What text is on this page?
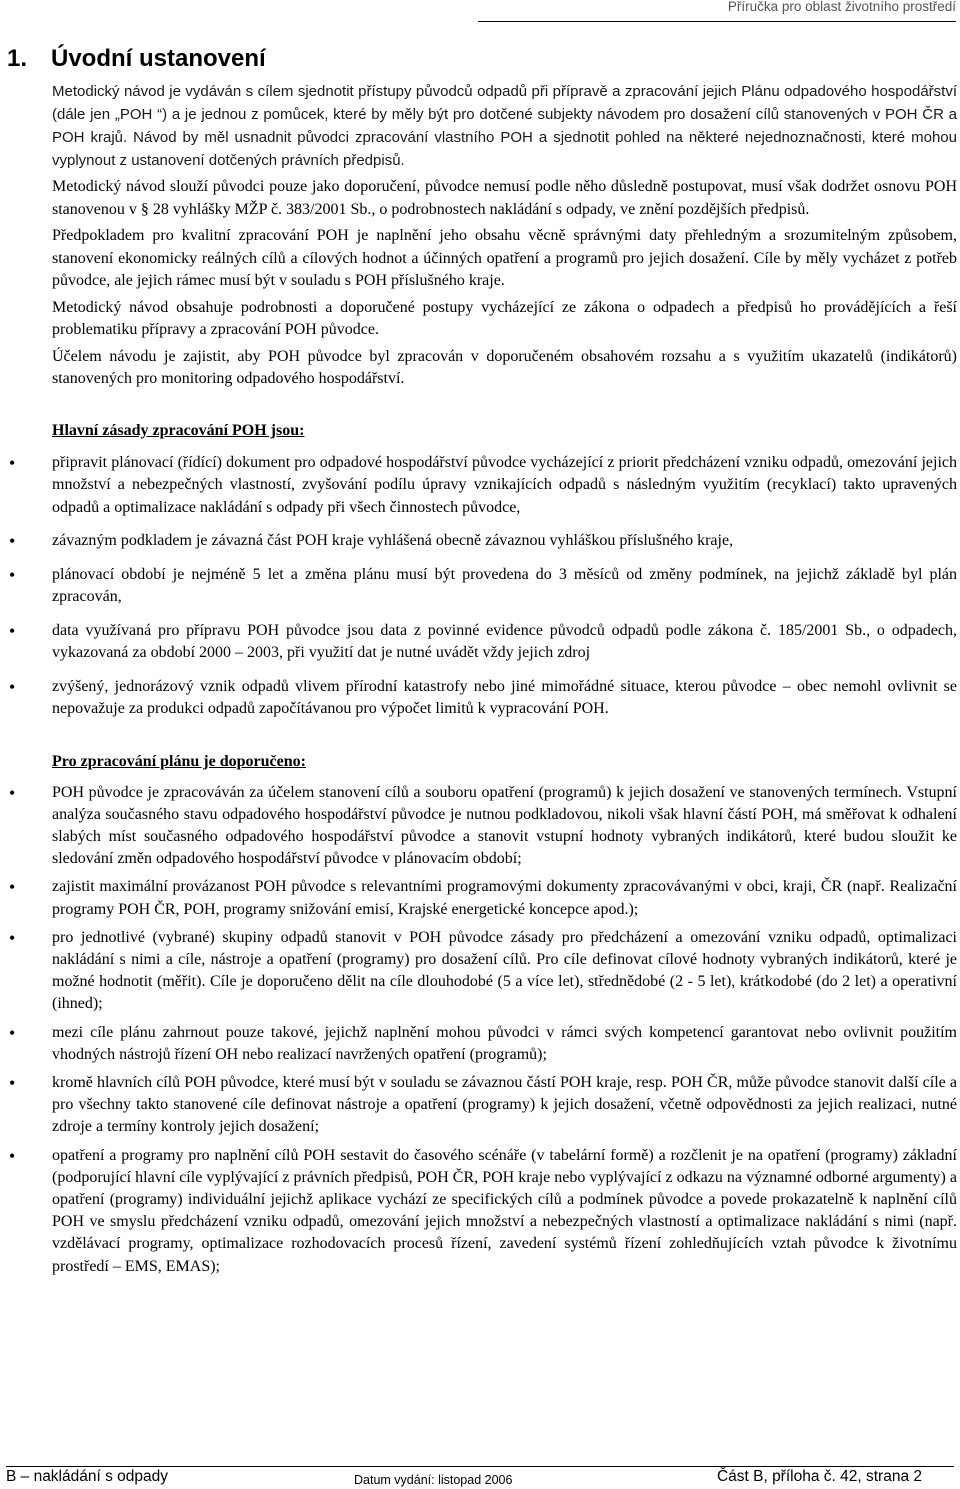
Příručka pro oblast životního prostředí
1. Úvodní ustanovení

Metodický návod je vydáván s cílem sjednotit přístupy původců odpadů při přípravě a zpracování jejich Plánu odpadového hospodářství (dále jen „POH “) a je jednou z pomůcek, které by měly být pro dotčené subjekty návodem pro dosažení cílů stanovených v POH ČR a POH krajů. Návod by měl usnadnit původci zpracování vlastního POH a sjednotit pohled na některé nejednoznačnosti, které mohou vyplynout z ustanovení dotčených právních předpisů.

Metodický návod slouží původci pouze jako doporučení, původce nemusí podle něho důsledně postupovat, musí však dodržet osnovu POH stanovenou v § 28 vyhlášky MŽP č. 383/2001 Sb., o podrobnostech nakládání s odpady, ve znění pozdějších předpisů.

Předpokladem pro kvalitní zpracování POH je naplnění jeho obsahu věcně správnými daty přehledným a srozumitelným způsobem, stanovení ekonomicky reálných cílů a cílových hodnot a účinných opatření a programů pro jejich dosažení. Cíle by měly vycházet z potřeb původce, ale jejich rámec musí být v souladu s POH příslušného kraje.

Metodický návod obsahuje podrobnosti a doporučené postupy vycházející ze zákona o odpadech a předpisů ho provádějících a řeší problematiku přípravy a zpracování POH původce.

Účelem návodu je zajistit, aby POH původce byl zpracován v doporučeném obsahovém rozsahu a s využitím ukazatelů (indikátorů) stanovených pro monitoring odpadového hospodářství.

Hlavní zásady zpracování POH jsou:
• připravit plánovací (řídící) dokument pro odpadové hospodářství původce vycházející z priorit předcházení vzniku odpadů, omezování jejich množství a nebezpečných vlastností, zvyšování podílu úpravy vznikajících odpadů s následným využitím (recyklací) takto upravených odpadů a optimalizace nakládání s odpady při všech činnostech původce,
• závazným podkladem je závazná část POH kraje vyhlášená obecně závaznou vyhláškou příslušného kraje,
• plánovací období je nejméně 5 let a změna plánu musí být provedena do 3 měsíců od změny podmínek, na jejichž základě byl plán zpracován,
• data využívaná pro přípravu POH původce jsou data z povinné evidence původců odpadů podle zákona č. 185/2001 Sb., o odpadech, vykazovaná za období 2000 – 2003, při využití dat je nutné uvádět vždy jejich zdroj
• zvýšený, jednorázový vznik odpadů vlivem přírodní katastrofy nebo jiné mimořádné situace, kterou původce – obec nemohl ovlivnit se nepovažuje za produkci odpadů započítávanou pro výpočet limitů k vypracování POH.
Pro zpracování plánu je doporučeno:
• POH původce je zpracováván za účelem stanovení cílů a souboru opatření (programů) k jejich dosažení ve stanovených termínech. Vstupní analýza současného stavu odpadového hospodářství původce je nutnou podkladovou, nikoli však hlavní částí POH, má směřovat k odhalení slabých míst současného odpadového hospodářství původce a stanovit vstupní hodnoty vybraných indikátorů, které budou sloužit ke sledování změn odpadového hospodářství původce v plánovacím období;
• zajistit maximální provázanost POH původce s relevantními programovými dokumenty zpracovávanými v obci, kraji, ČR (např. Realizační programy POH ČR, POH, programy snižování emisí, Krajské energetické koncepce apod.);
• pro jednotlivé (vybrané) skupiny odpadů stanovit v POH původce zásady pro předcházení a omezování vzniku odpadů, optimalizaci nakládání s nimi a cíle, nástroje a opatření (programy) pro dosažení cílů. Pro cíle definovat cílové hodnoty vybraných indikátorů, které je možné hodnotit (měřit). Cíle je doporučeno dělit na cíle dlouhodobé (5 a více let), střednědobé (2 - 5 let), krátkodobé (do 2 let) a operativní (ihned);
• mezi cíle plánu zahrnout pouze takové, jejichž naplnění mohou původci v rámci svých kompetencí garantovat nebo ovlivnit použitím vhodných nástrojů řízení OH nebo realizací navržených opatření (programů);
• kromě hlavních cílů POH původce, které musí být v souladu se závaznou částí POH kraje, resp. POH ČR, může původce stanovit další cíle a pro všechny takto stanovené cíle definovat nástroje a opatření (programy) k jejich dosažení, včetně odpovědnosti za jejich realizaci, nutné zdroje a termíny kontroly jejich dosažení;
• opatření a programy pro naplnění cílů POH sestavit do časového scénáře (v tabelární formě) a rozčlenit je na opatření (programy) základní (podporující hlavní cíle vyplývající z právních předpisů, POH ČR, POH kraje nebo vyplývající z odkazu na významné odborné argumenty) a opatření (programy) individuální jejichž aplikace vychází ze specifických cílů a podmínek původce a povede prokazatelně k naplnění cílů POH ve smyslu předcházení vzniku odpadů, omezování jejich množství a nebezpečných vlastností a optimalizace nakládání s nimi (např. vzdělávací programy, optimalizace rozhodovacích procesů řízení, zavedení systémů řízení zohledňujících vztah původce k životnímu prostředí – EMS, EMAS);
B – nakládání s odpady	Datum vydání: listopad 2006	Část B, příloha č. 42, strana 2
